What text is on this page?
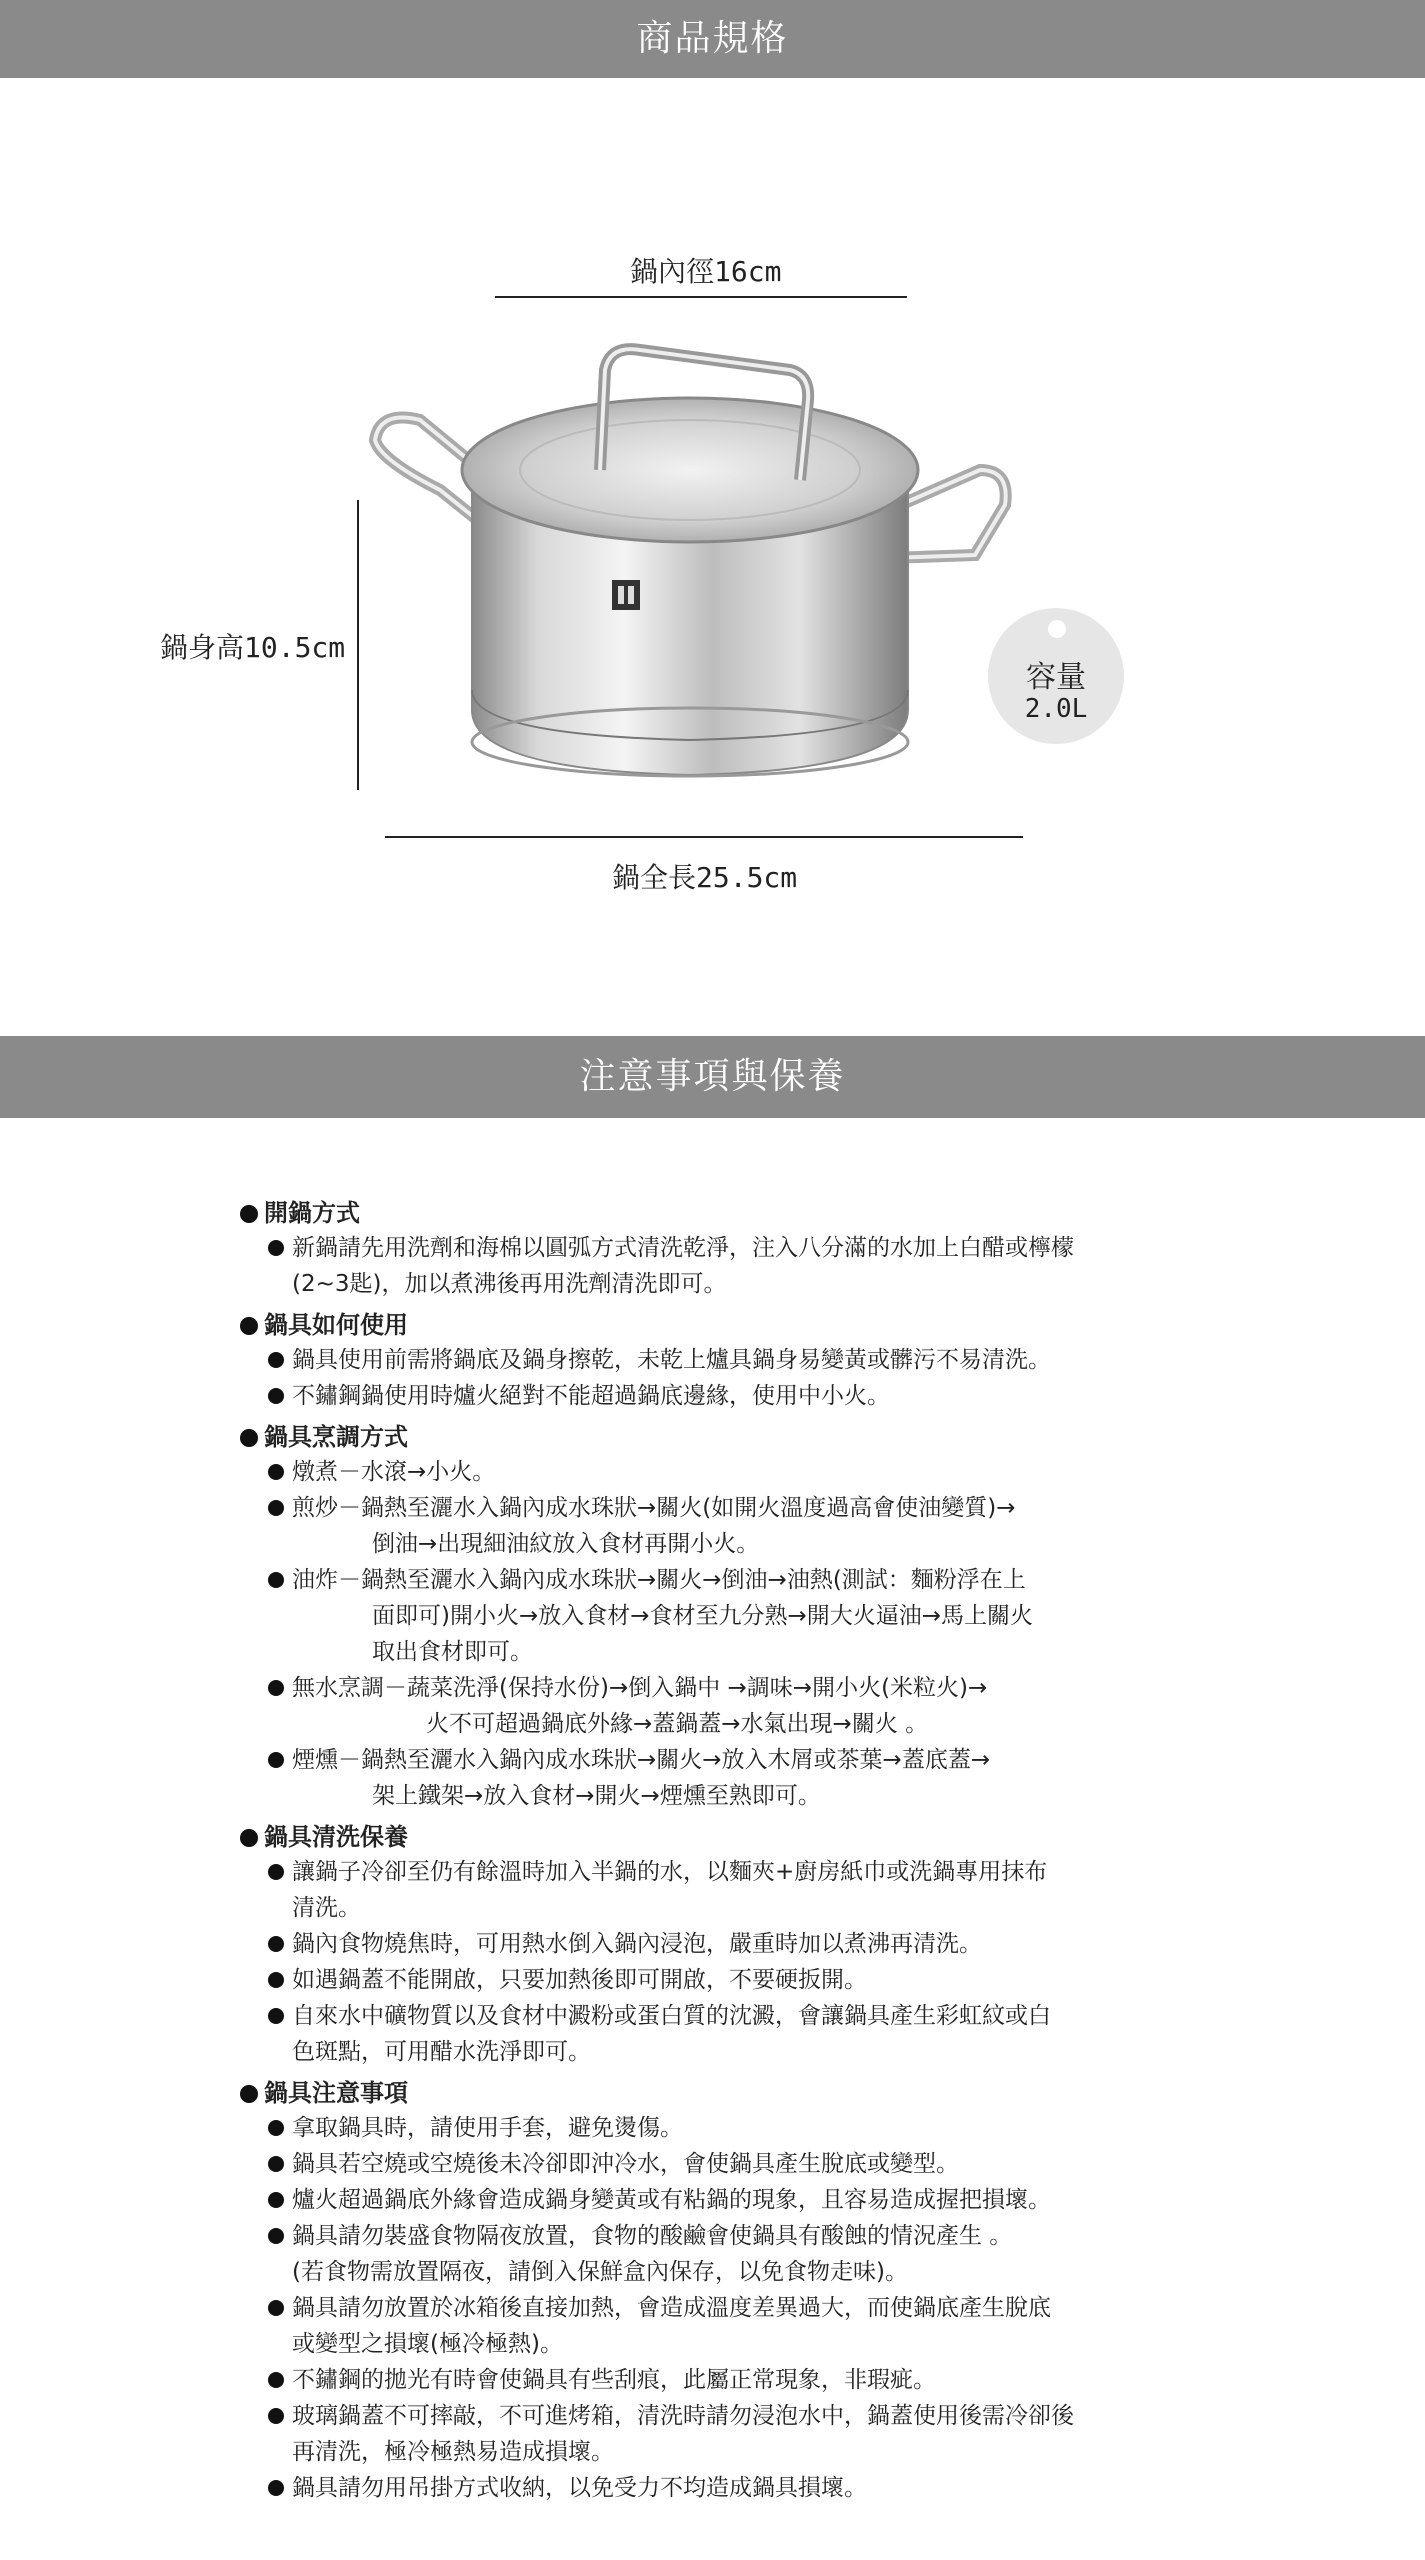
商品規格
鍋內徑16cm
鍋身高10.5cm
鍋全長25.5cm
容量
2.0L
注意事項與保養
開鍋方式
新鍋請先用洗劑和海棉以圓弧方式清洗乾淨，注入八分滿的水加上白醋或檸檬
(2~3匙)，加以煮沸後再用洗劑清洗即可。
鍋具如何使用
鍋具使用前需將鍋底及鍋身擦乾，未乾上爐具鍋身易變黃或髒污不易清洗。
不鏽鋼鍋使用時爐火絕對不能超過鍋底邊緣，使用中小火。
鍋具烹調方式
燉煮－水滾→小火。
煎炒－鍋熱至灑水入鍋內成水珠狀→關火(如開火溫度過高會使油變質)→
倒油→出現細油紋放入食材再開小火。
油炸－鍋熱至灑水入鍋內成水珠狀→關火→倒油→油熱(測試：麵粉浮在上
面即可)開小火→放入食材→食材至九分熟→開大火逼油→馬上關火
取出食材即可。
無水烹調－蔬菜洗淨(保持水份)→倒入鍋中 →調味→開小火(米粒火)→
火不可超過鍋底外緣→蓋鍋蓋→水氣出現→關火 。
煙燻－鍋熱至灑水入鍋內成水珠狀→關火→放入木屑或茶葉→蓋底蓋→
架上鐵架→放入食材→開火→煙燻至熟即可。
鍋具清洗保養
讓鍋子冷卻至仍有餘溫時加入半鍋的水，以麵夾+廚房紙巾或洗鍋專用抹布
清洗。
鍋內食物燒焦時，可用熱水倒入鍋內浸泡，嚴重時加以煮沸再清洗。
如遇鍋蓋不能開啟，只要加熱後即可開啟，不要硬扳開。
自來水中礦物質以及食材中澱粉或蛋白質的沈澱，會讓鍋具產生彩虹紋或白
色斑點，可用醋水洗淨即可。
鍋具注意事項
拿取鍋具時，請使用手套，避免燙傷。
鍋具若空燒或空燒後未冷卻即沖冷水，會使鍋具產生脫底或變型。
爐火超過鍋底外緣會造成鍋身變黃或有粘鍋的現象，且容易造成握把損壞。
鍋具請勿裝盛食物隔夜放置，食物的酸鹼會使鍋具有酸蝕的情況產生 。
(若食物需放置隔夜，請倒入保鮮盒內保存，以免食物走味)。
鍋具請勿放置於冰箱後直接加熱，會造成溫度差異過大，而使鍋底產生脫底
或變型之損壞(極冷極熱)。
不鏽鋼的拋光有時會使鍋具有些刮痕，此屬正常現象，非瑕疵。
玻璃鍋蓋不可摔敲，不可進烤箱，清洗時請勿浸泡水中，鍋蓋使用後需冷卻後
再清洗，極冷極熱易造成損壞。
鍋具請勿用吊掛方式收納，以免受力不均造成鍋具損壞。
